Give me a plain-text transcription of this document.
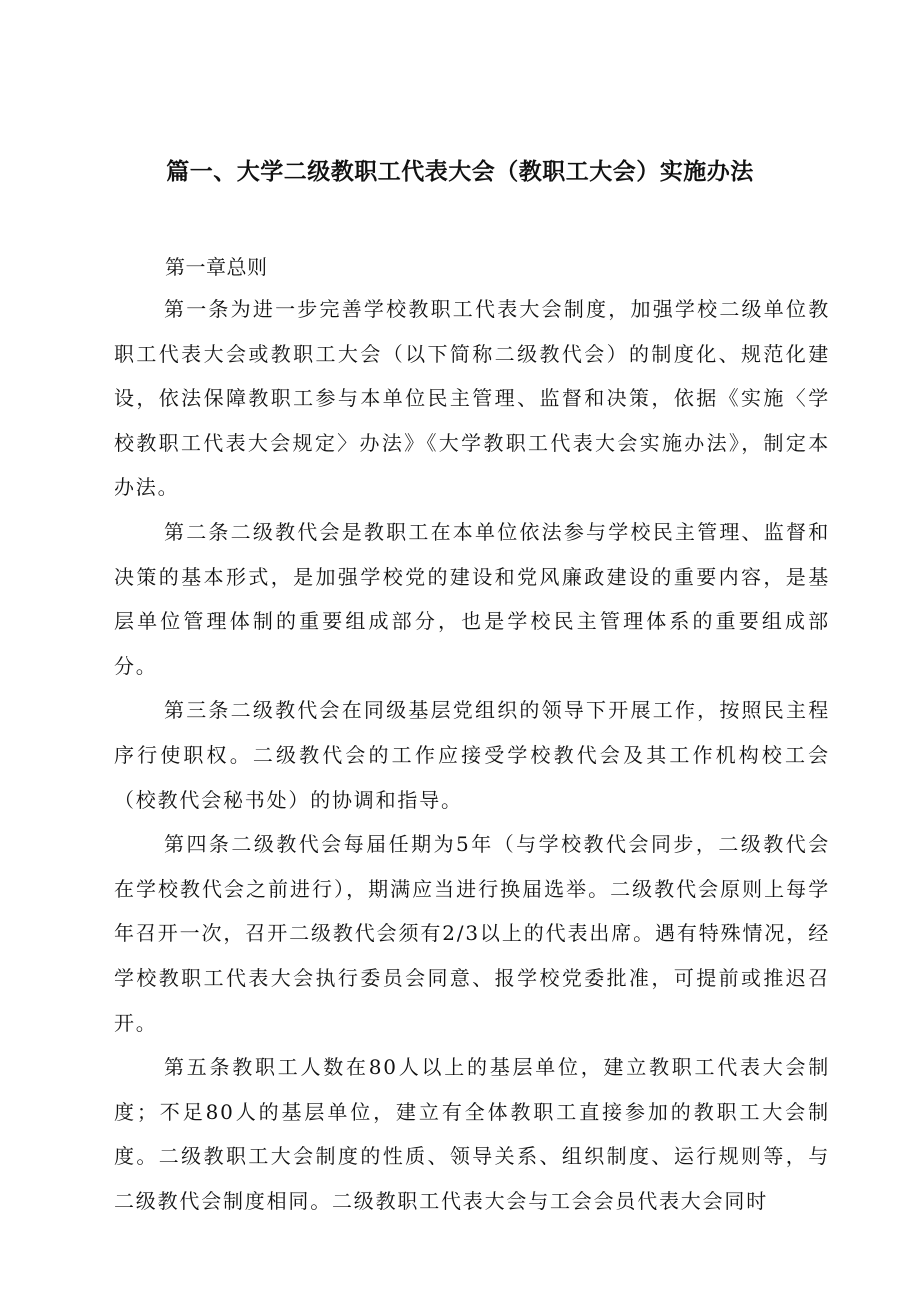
篇一、大学二级教职工代表大会（教职工大会）实施办法

第一章总则

第一条为进一步完善学校教职工代表大会制度，加强学校二级单位教职工代表大会或教职工大会（以下简称二级教代会）的制度化、规范化建设，依法保障教职工参与本单位民主管理、监督和决策，依据《实施〈学校教职工代表大会规定〉办法》《大学教职工代表大会实施办法》，制定本办法。

第二条二级教代会是教职工在本单位依法参与学校民主管理、监督和决策的基本形式，是加强学校党的建设和党风廉政建设的重要内容，是基层单位管理体制的重要组成部分，也是学校民主管理体系的重要组成部分。

第三条二级教代会在同级基层党组织的领导下开展工作，按照民主程序行使职权。二级教代会的工作应接受学校教代会及其工作机构校工会（校教代会秘书处）的协调和指导。

第四条二级教代会每届任期为5年（与学校教代会同步，二级教代会在学校教代会之前进行），期满应当进行换届选举。二级教代会原则上每学年召开一次，召开二级教代会须有2/3以上的代表出席。遇有特殊情况，经学校教职工代表大会执行委员会同意、报学校党委批准，可提前或推迟召开。

第五条教职工人数在80人以上的基层单位，建立教职工代表大会制度；不足80人的基层单位，建立有全体教职工直接参加的教职工大会制度。二级教职工大会制度的性质、领导关系、组织制度、运行规则等，与二级教代会制度相同。二级教职工代表大会与工会会员代表大会同时
